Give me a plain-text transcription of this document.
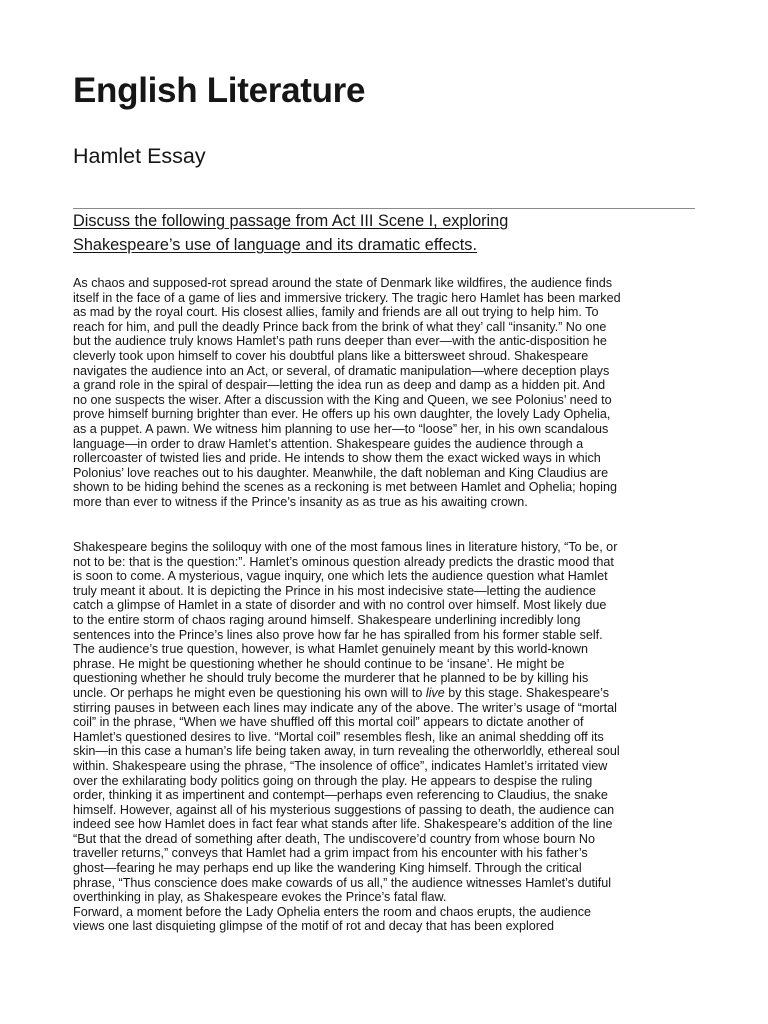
English Literature
Hamlet Essay

Discuss the following passage from Act III Scene I, exploring
Shakespeare’s use of language and its dramatic effects.

As chaos and supposed-rot spread around the state of Denmark like wildfires, the audience finds
itself in the face of a game of lies and immersive trickery. The tragic hero Hamlet has been marked
as mad by the royal court. His closest allies, family and friends are all out trying to help him. To
reach for him, and pull the deadly Prince back from the brink of what they’ call “insanity.” No one
but the audience truly knows Hamlet’s path runs deeper than ever—with the antic-disposition he
cleverly took upon himself to cover his doubtful plans like a bittersweet shroud. Shakespeare
navigates the audience into an Act, or several, of dramatic manipulation—where deception plays
a grand role in the spiral of despair—letting the idea run as deep and damp as a hidden pit. And
no one suspects the wiser. After a discussion with the King and Queen, we see Polonius’ need to
prove himself burning brighter than ever. He offers up his own daughter, the lovely Lady Ophelia,
as a puppet. A pawn. We witness him planning to use her—to “loose” her, in his own scandalous
language—in order to draw Hamlet’s attention. Shakespeare guides the audience through a
rollercoaster of twisted lies and pride. He intends to show them the exact wicked ways in which
Polonius’ love reaches out to his daughter. Meanwhile, the daft nobleman and King Claudius are
shown to be hiding behind the scenes as a reckoning is met between Hamlet and Ophelia; hoping
more than ever to witness if the Prince’s insanity as as true as his awaiting crown.

Shakespeare begins the soliloquy with one of the most famous lines in literature history, “To be, or
not to be: that is the question:”. Hamlet’s ominous question already predicts the drastic mood that
is soon to come. A mysterious, vague inquiry, one which lets the audience question what Hamlet
truly meant it about. It is depicting the Prince in his most indecisive state—letting the audience
catch a glimpse of Hamlet in a state of disorder and with no control over himself. Most likely due
to the entire storm of chaos raging around himself. Shakespeare underlining incredibly long
sentences into the Prince’s lines also prove how far he has spiralled from his former stable self.
The audience’s true question, however, is what Hamlet genuinely meant by this world-known
phrase. He might be questioning whether he should continue to be ‘insane’. He might be
questioning whether he should truly become the murderer that he planned to be by killing his
uncle. Or perhaps he might even be questioning his own will to live by this stage. Shakespeare’s
stirring pauses in between each lines may indicate any of the above. The writer’s usage of “mortal
coil” in the phrase, “When we have shuffled off this mortal coil” appears to dictate another of
Hamlet’s questioned desires to live. “Mortal coil” resembles flesh, like an animal shedding off its
skin—in this case a human’s life being taken away, in turn revealing the otherworldly, ethereal soul
within. Shakespeare using the phrase, “The insolence of office”, indicates Hamlet’s irritated view
over the exhilarating body politics going on through the play. He appears to despise the ruling
order, thinking it as impertinent and contempt—perhaps even referencing to Claudius, the snake
himself. However, against all of his mysterious suggestions of passing to death, the audience can
indeed see how Hamlet does in fact fear what stands after life. Shakespeare’s addition of the line
“But that the dread of something after death, The undiscovere’d country from whose bourn No
traveller returns,” conveys that Hamlet had a grim impact from his encounter with his father’s
ghost—fearing he may perhaps end up like the wandering King himself. Through the critical
phrase, “Thus conscience does make cowards of us all,” the audience witnesses Hamlet’s dutiful
overthinking in play, as Shakespeare evokes the Prince’s fatal flaw.
Forward, a moment before the Lady Ophelia enters the room and chaos erupts, the audience
views one last disquieting glimpse of the motif of rot and decay that has been explored
